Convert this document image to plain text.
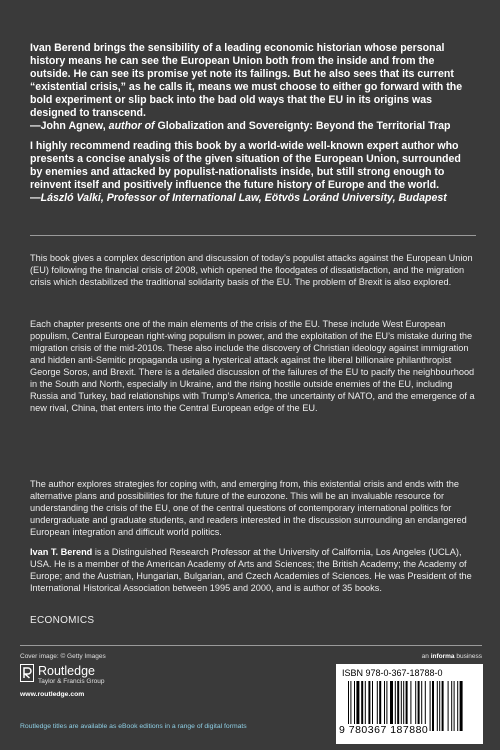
Ivan Berend brings the sensibility of a leading economic historian whose personal history means he can see the European Union both from the inside and from the outside. He can see its promise yet note its failings. But he also sees that its current “existential crisis,” as he calls it, means we must choose to either go forward with the bold experiment or slip back into the bad old ways that the EU in its origins was designed to transcend.
—John Agnew, author of Globalization and Sovereignty: Beyond the Territorial Trap

I highly recommend reading this book by a world-wide well-known expert author who presents a concise analysis of the given situation of the European Union, surrounded by enemies and attacked by populist-nationalists inside, but still strong enough to reinvent itself and positively influence the future history of Europe and the world.
—László Valki, Professor of International Law, Eötvös Loránd University, Budapest

This book gives a complex description and discussion of today’s populist attacks against the European Union (EU) following the financial crisis of 2008, which opened the floodgates of dissatisfaction, and the migration crisis which destabilized the traditional solidarity basis of the EU. The problem of Brexit is also explored.

Each chapter presents one of the main elements of the crisis of the EU. These include West European populism, Central European right-wing populism in power, and the exploitation of the EU’s mistake during the migration crisis of the mid-2010s. These also include the discovery of Christian ideology against immigration and hidden anti-Semitic propaganda using a hysterical attack against the liberal billionaire philanthropist George Soros, and Brexit. There is a detailed discussion of the failures of the EU to pacify the neighbourhood in the South and North, especially in Ukraine, and the rising hostile outside enemies of the EU, including Russia and Turkey, bad relationships with Trump’s America, the uncertainty of NATO, and the emergence of a new rival, China, that enters into the Central European edge of the EU.

The author explores strategies for coping with, and emerging from, this existential crisis and ends with the alternative plans and possibilities for the future of the eurozone. This will be an invaluable resource for understanding the crisis of the EU, one of the central questions of contemporary international politics for undergraduate and graduate students, and readers interested in the discussion surrounding an endangered European integration and difficult world politics.

Ivan T. Berend is a Distinguished Research Professor at the University of California, Los Angeles (UCLA), USA. He is a member of the American Academy of Arts and Sciences; the British Academy; the Academy of Europe; and the Austrian, Hungarian, Bulgarian, and Czech Academies of Sciences. He was President of the International Historical Association between 1995 and 2000, and is author of 35 books.

ECONOMICS
Cover image: © Getty Images	an informa business
Routledge
Taylor & Francis Group
www.routledge.com
Routledge titles are available as eBook editions in a range of digital formats
ISBN 978-0-367-18788-0
9 780367 187880
